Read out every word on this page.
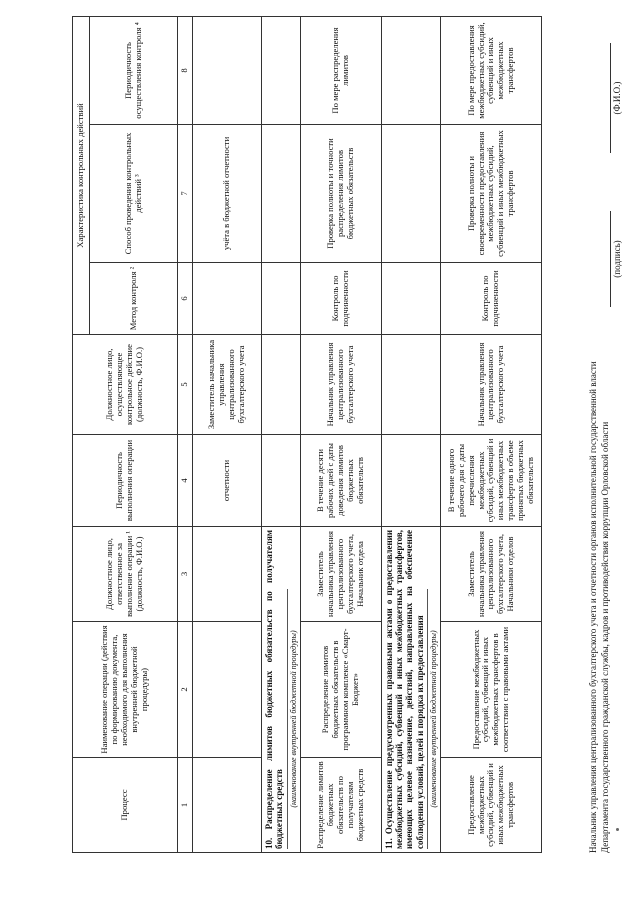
Процесс	Наименование операции (действия по формированию документа, необходимого для выполнения внутренней бюджетной процедуры)	Должностное лицо, ответственное за выполнение операции ¹ (должность, Ф.И.О.)	Периодичность выполнения операции	Должностное лицо, осуществляющее контрольное действие (должность, Ф.И.О.)	Характеристика контрольных действий		
					Метод контроля ²	Способ проведения контрольных действий ³	Периодичность осуществления контроля ⁴
1	2	3	4	5	6	7	8
			отчетности	Заместитель начальника управления централизованного бухгалтерского учета		учёта в бюджетной отчетности	

10. Распределение лимитов бюджетных обязательств по получателям бюджетных средств
(наименование внутренней бюджетной процедуры)							

Распределение лимитов бюджетных обязательств по получателям бюджетных средств	Распределение лимитов бюджетных обязательств в программном комплексе «Смарт-Бюджет»	Заместитель начальника управления централизованного бухгалтерского учета, Начальник отдела	В течение десяти рабочих дней с даты доведения лимитов бюджетных обязательств	Начальник управления централизованного бухгалтерского учета	Контроль по подчиненности	Проверка полноты и точности распределения лимитов бюджетных обязательств	По мере распределения лимитов

11. Осуществление предусмотренных правовыми актами о предоставлении межбюджетных субсидий, субвенций и иных межбюджетных трансфертов, имеющих целевое назначение, действий, направленных на обеспечение соблюдения условий, целей и порядка их предоставления (наименование внутренней бюджетной процедуры)							

Предоставление межбюджетных субсидий, субвенций и иных межбюджетных трансфертов	Предоставление межбюджетных субсидий, субвенций и иных межбюджетных трансфертов в соответствии с правовыми актами	Заместитель начальника управления централизованного бухгалтерского учета, Начальники отделов	В течение одного рабочего дня с даты перечисления межбюджетных субсидий, субвенций и иных межбюджетных трансфертов в объеме принятых бюджетных обязательств	Начальник управления централизованного бухгалтерского учета	Контроль по подчиненности	Проверка полноты и своевременности предоставления межбюджетных субсидий, субвенций и иных межбюджетных трансфертов	По мере предоставления межбюджетных субсидий, субвенций и иных межбюджетных трансфертов
Начальник управления централизованного бухгалтерского учета и отчетности органов исполнительной государственной власти Департамента государственного гражданской службы, кадров и противодействия коррупции Орловской области
(подпись)
(Ф.И.О.)
